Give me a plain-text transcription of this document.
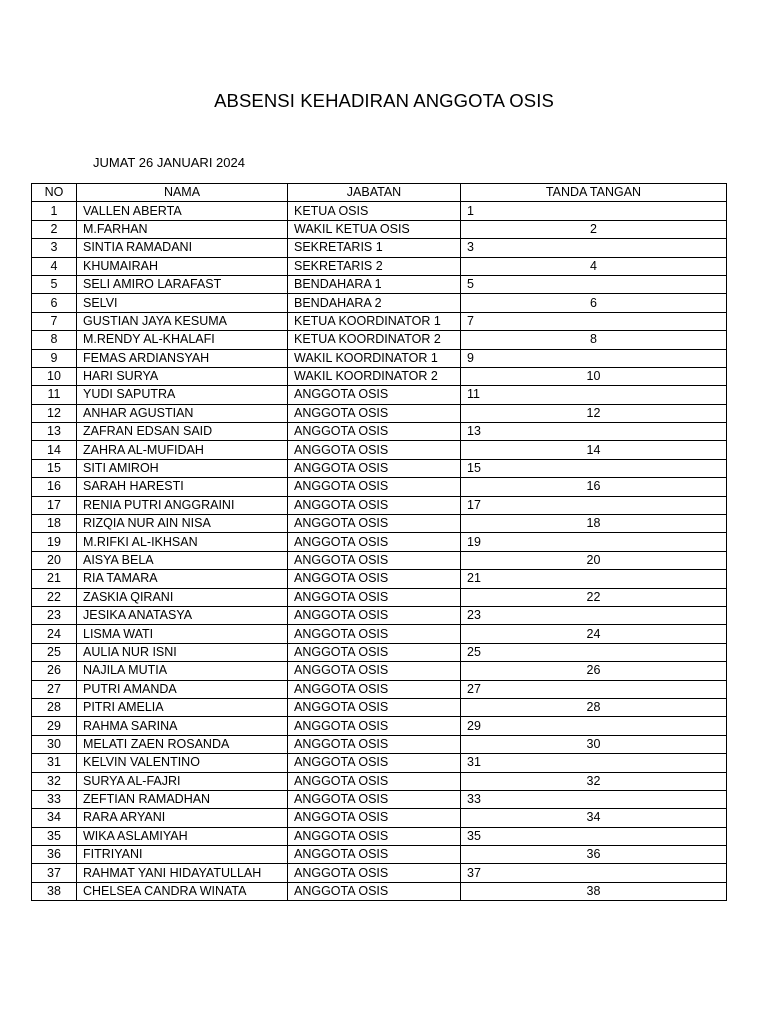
ABSENSI KEHADIRAN ANGGOTA OSIS
JUMAT 26 JANUARI 2024
NO	NAMA	JABATAN	TANDA TANGAN
1	VALLEN ABERTA	KETUA OSIS	1
2	M.FARHAN	WAKIL KETUA OSIS	2
3	SINTIA RAMADANI	SEKRETARIS 1	3
4	KHUMAIRAH	SEKRETARIS 2	4
5	SELI AMIRO LARAFAST	BENDAHARA 1	5
6	SELVI	BENDAHARA 2	6
7	GUSTIAN JAYA KESUMA	KETUA KOORDINATOR 1	7
8	M.RENDY AL-KHALAFI	KETUA KOORDINATOR 2	8
9	FEMAS ARDIANSYAH	WAKIL KOORDINATOR 1	9
10	HARI SURYA	WAKIL KOORDINATOR 2	10
11	YUDI SAPUTRA	ANGGOTA OSIS	11
12	ANHAR AGUSTIAN	ANGGOTA OSIS	12
13	ZAFRAN EDSAN SAID	ANGGOTA OSIS	13
14	ZAHRA AL-MUFIDAH	ANGGOTA OSIS	14
15	SITI AMIROH	ANGGOTA OSIS	15
16	SARAH HARESTI	ANGGOTA OSIS	16
17	RENIA PUTRI ANGGRAINI	ANGGOTA OSIS	17
18	RIZQIA NUR AIN NISA	ANGGOTA OSIS	18
19	M.RIFKI AL-IKHSAN	ANGGOTA OSIS	19
20	AISYA BELA	ANGGOTA OSIS	20
21	RIA TAMARA	ANGGOTA OSIS	21
22	ZASKIA QIRANI	ANGGOTA OSIS	22
23	JESIKA ANATASYA	ANGGOTA OSIS	23
24	LISMA WATI	ANGGOTA OSIS	24
25	AULIA NUR ISNI	ANGGOTA OSIS	25
26	NAJILA MUTIA	ANGGOTA OSIS	26
27	PUTRI AMANDA	ANGGOTA OSIS	27
28	PITRI AMELIA	ANGGOTA OSIS	28
29	RAHMA SARINA	ANGGOTA OSIS	29
30	MELATI ZAEN ROSANDA	ANGGOTA OSIS	30
31	KELVIN VALENTINO	ANGGOTA OSIS	31
32	SURYA AL-FAJRI	ANGGOTA OSIS	32
33	ZEFTIAN RAMADHAN	ANGGOTA OSIS	33
34	RARA ARYANI	ANGGOTA OSIS	34
35	WIKA ASLAMIYAH	ANGGOTA OSIS	35
36	FITRIYANI	ANGGOTA OSIS	36
37	RAHMAT YANI HIDAYATULLAH	ANGGOTA OSIS	37
38	CHELSEA CANDRA WINATA	ANGGOTA OSIS	38
